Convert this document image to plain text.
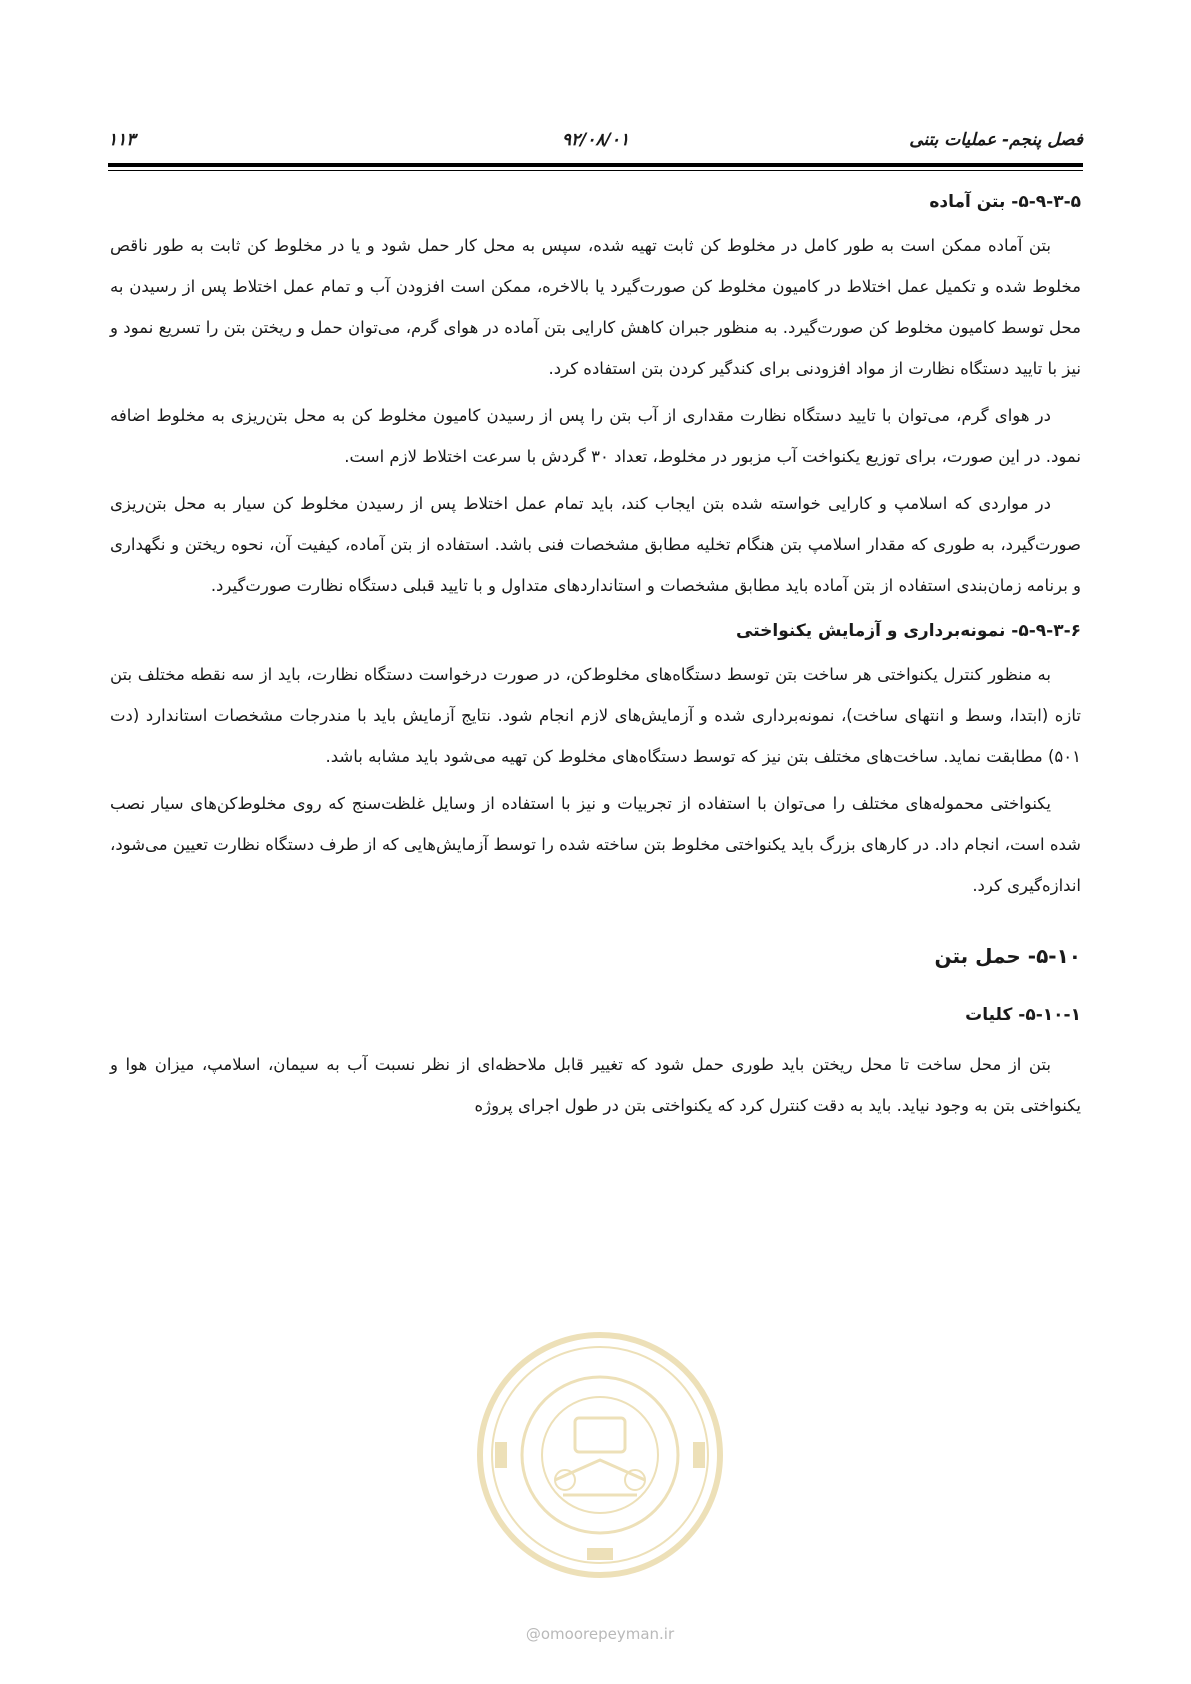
۱۱۳	۹۲/۰۸/۰۱	فصل پنجم- عملیات بتنی
۵-۹-۳-۵- بتن آماده

بتن آماده ممکن است به طور کامل در مخلوط کن ثابت تهیه شده، سپس به محل کار حمل شود و یا در مخلوط کن ثابت به طور ناقص مخلوط شده و تکمیل عمل اختلاط در کامیون مخلوط کن صورت‌گیرد یا بالاخره، ممکن است افزودن آب و تمام عمل اختلاط پس از رسیدن به محل توسط کامیون مخلوط کن صورت‌گیرد. به منظور جبران کاهش کارایی بتن آماده در هوای گرم، می‌توان حمل و ریختن بتن را تسریع نمود و نیز با تایید دستگاه نظارت از مواد افزودنی برای کندگیر کردن بتن استفاده کرد.

در هوای گرم، می‌توان با تایید دستگاه نظارت مقداری از آب بتن را پس از رسیدن کامیون مخلوط کن به محل بتن‌ریزی به مخلوط اضافه نمود. در این صورت، برای توزیع یکنواخت آب مزبور در مخلوط، تعداد ۳۰ گردش با سرعت اختلاط لازم است.

در مواردی که اسلامپ و کارایی خواسته شده بتن ایجاب کند، باید تمام عمل اختلاط پس از رسیدن مخلوط کن سیار به محل بتن‌ریزی صورت‌گیرد، به طوری که مقدار اسلامپ بتن هنگام تخلیه مطابق مشخصات فنی باشد. استفاده از بتن آماده، کیفیت آن، نحوه ریختن و نگهداری و برنامه زمان‌بندی استفاده از بتن آماده باید مطابق مشخصات و استانداردهای متداول و با تایید قبلی دستگاه نظارت صورت‌گیرد.

۵-۹-۳-۶- نمونه‌برداری و آزمایش یکنواختی

به منظور کنترل یکنواختی هر ساخت بتن توسط دستگاه‌های مخلوط‌کن، در صورت درخواست دستگاه نظارت، باید از سه نقطه مختلف بتن تازه (ابتدا، وسط و انتهای ساخت)، نمونه‌برداری شده و آزمایش‌های لازم انجام شود. نتایج آزمایش باید با مندرجات مشخصات استاندارد (دت ۵۰۱) مطابقت نماید. ساخت‌های مختلف بتن نیز که توسط دستگاه‌های مخلوط کن تهیه می‌شود باید مشابه باشد.

یکنواختی محموله‌های مختلف را می‌توان با استفاده از تجربیات و نیز با استفاده از وسایل غلظت‌سنج که روی مخلوط‌کن‌های سیار نصب شده است، انجام داد. در کارهای بزرگ باید یکنواختی مخلوط بتن ساخته شده را توسط آزمایش‌هایی که از طرف دستگاه نظارت تعیین می‌شود، اندازه‌گیری کرد.

۵-۱۰- حمل بتن
۵-۱۰-۱- کلیات

بتن از محل ساخت تا محل ریختن باید طوری حمل شود که تغییر قابل ملاحظه‌ای از نظر نسبت آب به سیمان، اسلامپ، میزان هوا و یکنواختی بتن به وجود نیاید. باید به دقت کنترل کرد که یکنواختی بتن در طول اجرای پروژه

@omoorepeyman.ir
